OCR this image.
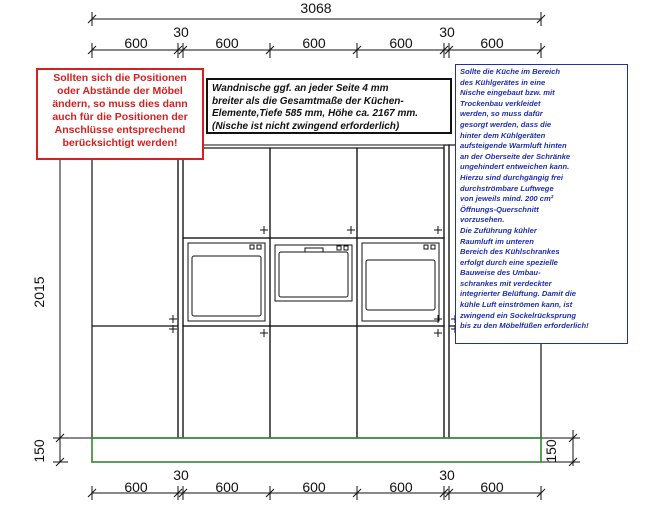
3068
600
30
600	600	600
30
600
2015
150	150
600
30
600	600	600
30
600
Sollten sich die Positionen
oder Abstände der Möbel
ändern, so muss dies dann
auch für die Positionen der
Anschlüsse entsprechend
berücksichtigt werden!
Wandnische ggf. an jeder Seite 4 mm
breiter als die Gesamtmaße der Küchen-
Elemente,Tiefe 585 mm, Höhe ca. 2167 mm.
(Nische ist nicht zwingend erforderlich)
Sollte die Küche im Bereich
des Kühlgerätes in eine
Nische eingebaut bzw. mit
Trockenbau verkleidet
werden, so muss dafür
gesorgt werden, dass die
hinter dem Kühlgeräten
aufsteigende Warmluft hinten
an der Oberseite der Schränke
ungehindert entweichen kann.
Hierzu sind durchgängig frei
durchströmbare Luftwege
von jeweils mind. 200 cm²
Öffnungs-Querschnitt
vorzusehen.
Die Zuführung kühler
Raumluft im unteren
Bereich des Kühlschrankes
erfolgt durch eine spezielle
Bauweise des Umbau-
schrankes mit verdeckter
integrierter Belüftung. Damit die
kühle Luft einströmen kann, ist
zwingend ein Sockelrücksprung
bis zu den Möbelfüßen erforderlich!
